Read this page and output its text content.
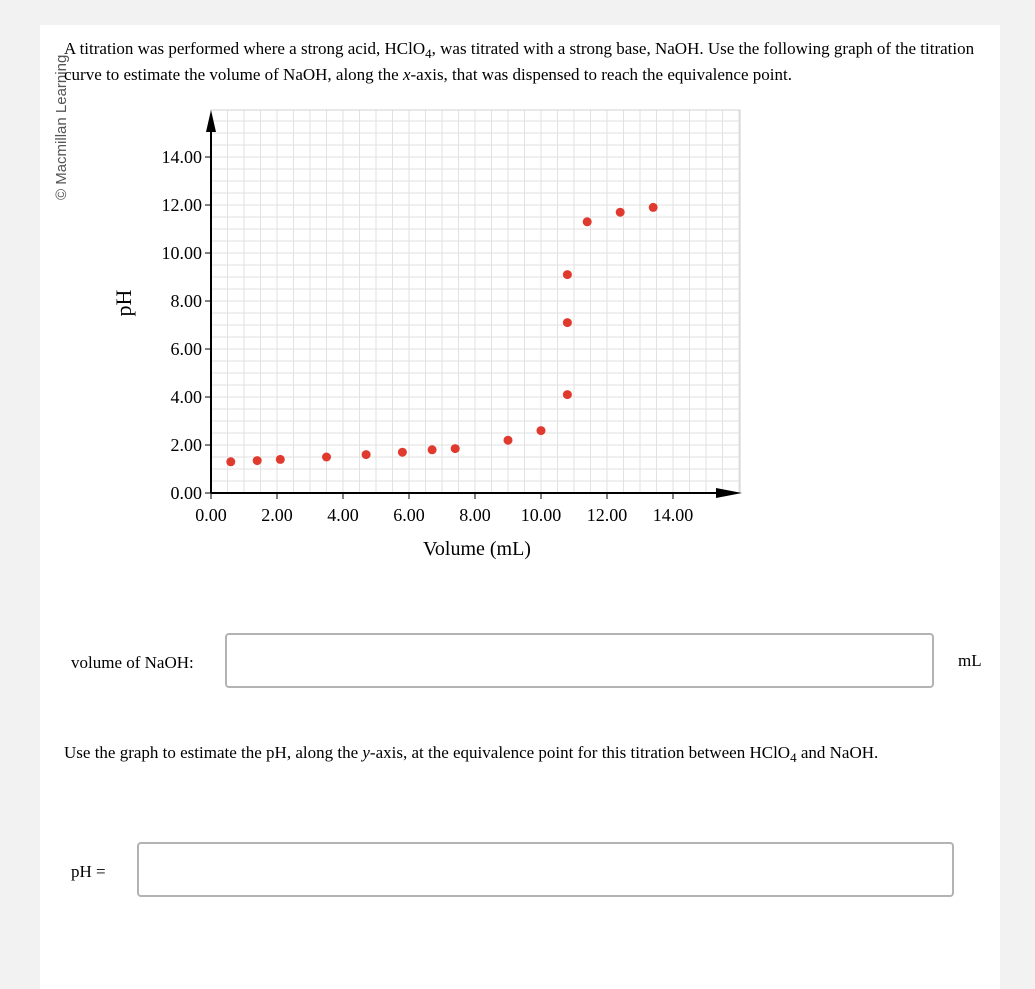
© Macmillan Learning
A titration was performed where a strong acid, HClO$_4$, was titrated with a strong base, NaOH. Use the following graph of the titration curve to estimate the volume of NaOH, along the x-axis, that was dispensed to reach the equivalence point.
0.00 2.00 4.00 6.00 8.00 10.00 12.00 14.00
0.00
2.00
4.00
6.00
8.00
10.00
12.00
14.00
Volume (mL)
pH
volume of NaOH:	mL
Use the graph to estimate the pH, along the y-axis, at the equivalence point for this titration between HClO$_4$ and NaOH.
pH =
